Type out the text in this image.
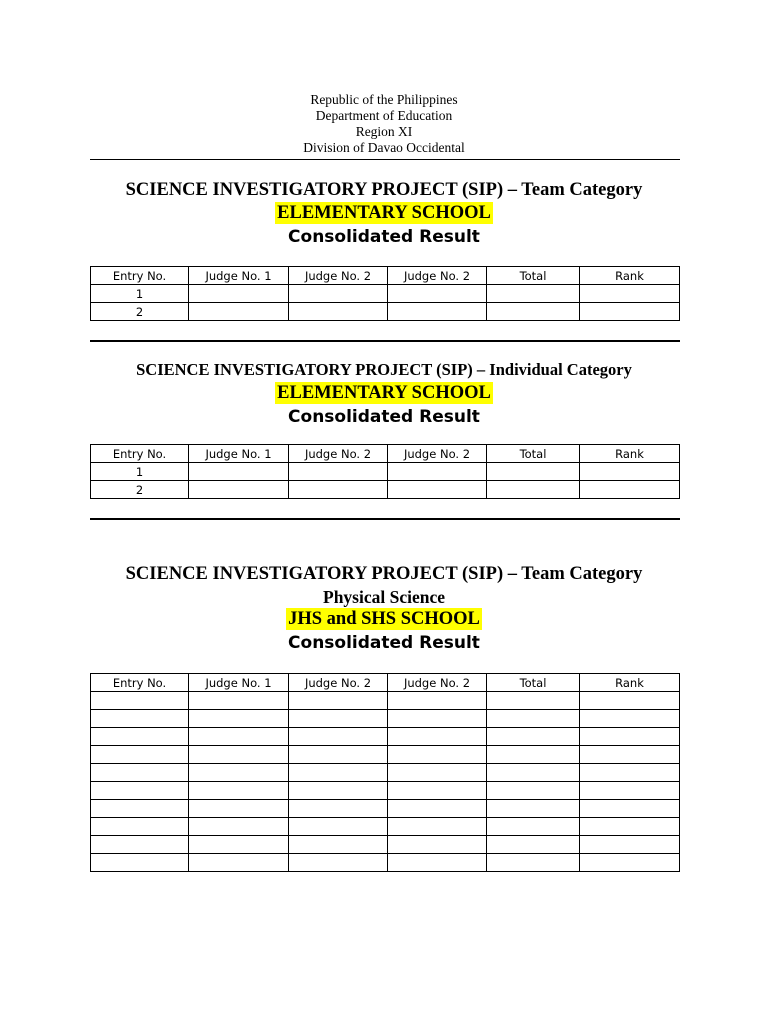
Republic of the Philippines
Department of Education
Region XI
Division of Davao Occidental
SCIENCE INVESTIGATORY PROJECT (SIP) – Team Category
ELEMENTARY SCHOOL
Consolidated Result
Entry No.	Judge No. 1	Judge No. 2	Judge No. 2	Total	Rank
1					
2					
SCIENCE INVESTIGATORY PROJECT (SIP) – Individual Category
ELEMENTARY SCHOOL
Consolidated Result
Entry No.	Judge No. 1	Judge No. 2	Judge No. 2	Total	Rank
1					
2					
SCIENCE INVESTIGATORY PROJECT (SIP) – Team Category
Physical Science
JHS and SHS SCHOOL
Consolidated Result
Entry No.	Judge No. 1	Judge No. 2	Judge No. 2	Total	Rank
